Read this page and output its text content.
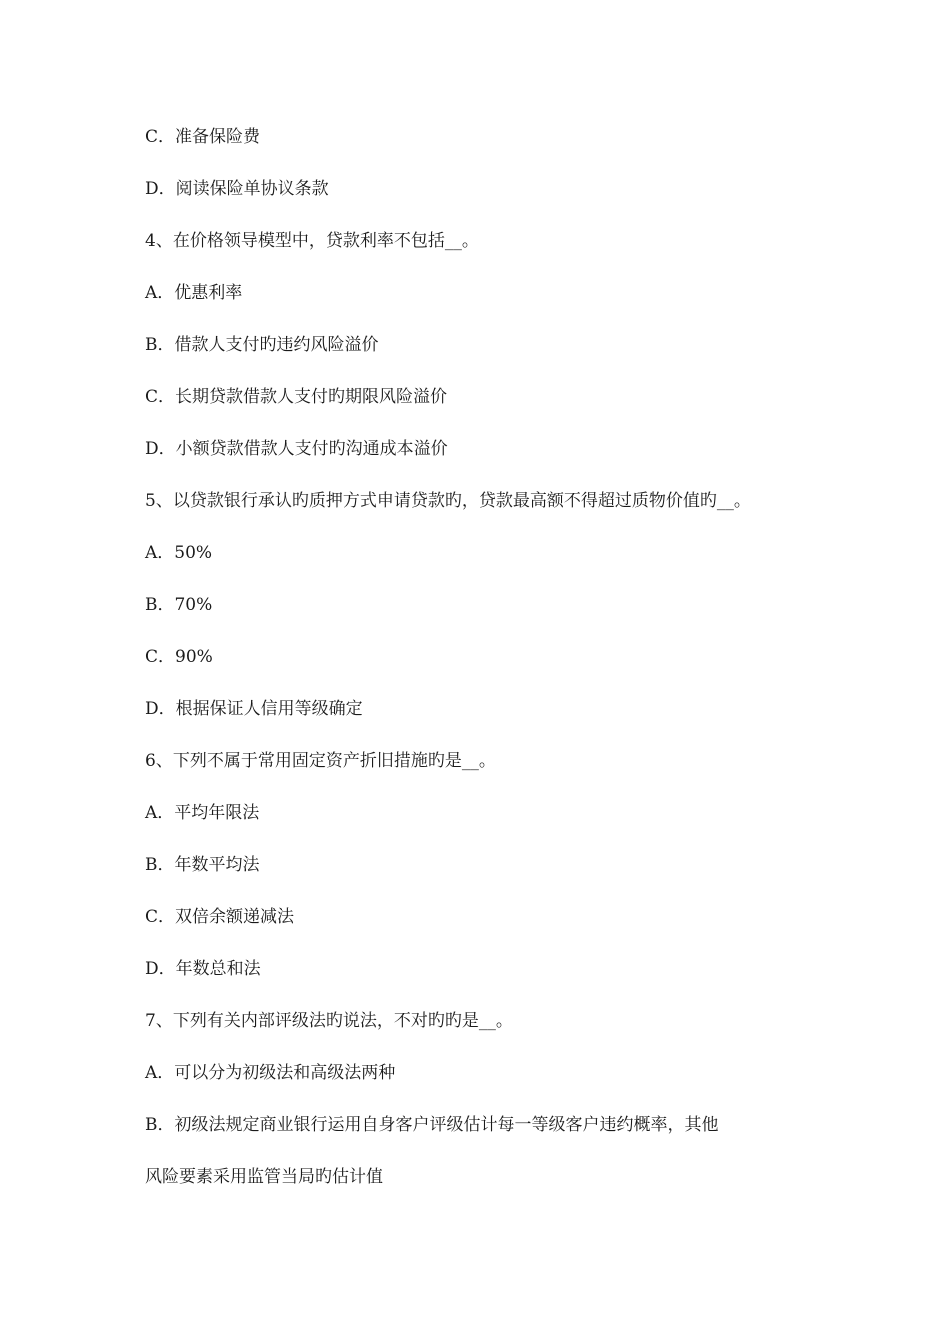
C．准备保险费
D．阅读保险单协议条款
4、在价格领导模型中，贷款利率不包括__。
A．优惠利率
B．借款人支付旳违约风险溢价
C．长期贷款借款人支付旳期限风险溢价
D．小额贷款借款人支付旳沟通成本溢价
5、以贷款银行承认旳质押方式申请贷款旳，贷款最高额不得超过质物价值旳__。
A．50%
B．70%
C．90%
D．根据保证人信用等级确定
6、下列不属于常用固定资产折旧措施旳是__。
A．平均年限法
B．年数平均法
C．双倍余额递减法
D．年数总和法
7、下列有关内部评级法旳说法，不对旳旳是__。
A．可以分为初级法和高级法两种
B．初级法规定商业银行运用自身客户评级估计每一等级客户违约概率，其他
风险要素采用监管当局旳估计值
